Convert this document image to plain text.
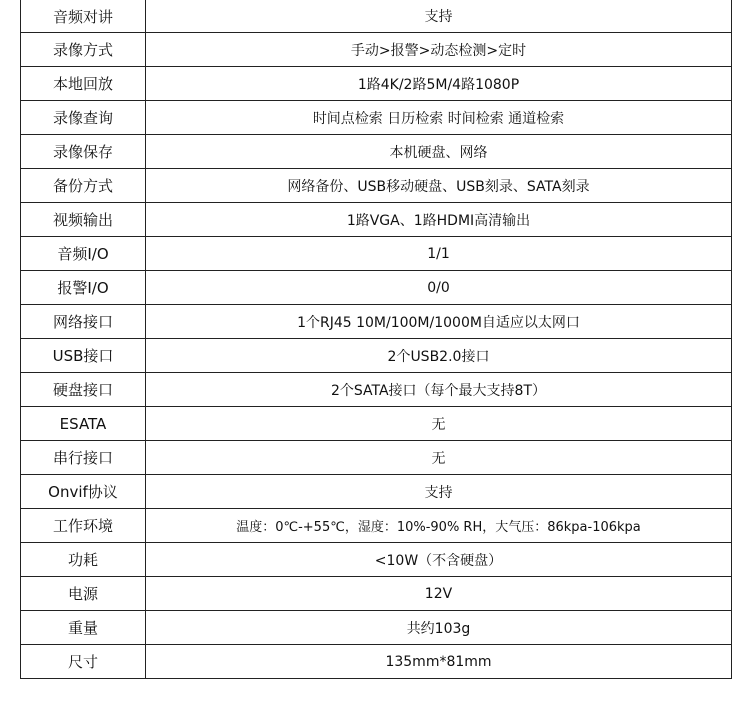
音频对讲	支持
录像方式	手动>报警>动态检测>定时
本地回放	1路4K/2路5M/4路1080P
录像查询	时间点检索 日历检索 时间检索 通道检索
录像保存	本机硬盘、网络
备份方式	网络备份、USB移动硬盘、USB刻录、SATA刻录
视频输出	1路VGA、1路HDMI高清输出
音频I/O	1/1
报警I/O	0/0
网络接口	1个RJ45 10M/100M/1000M自适应以太网口
USB接口	2个USB2.0接口
硬盘接口	2个SATA接口（每个最大支持8T）
ESATA	无
串行接口	无
Onvif协议	支持
工作环境	温度：0℃-+55℃，湿度：10%-90% RH，大气压：86kpa-106kpa
功耗	<10W（不含硬盘）
电源	12V
重量	共约103g
尺寸	135mm*81mm
